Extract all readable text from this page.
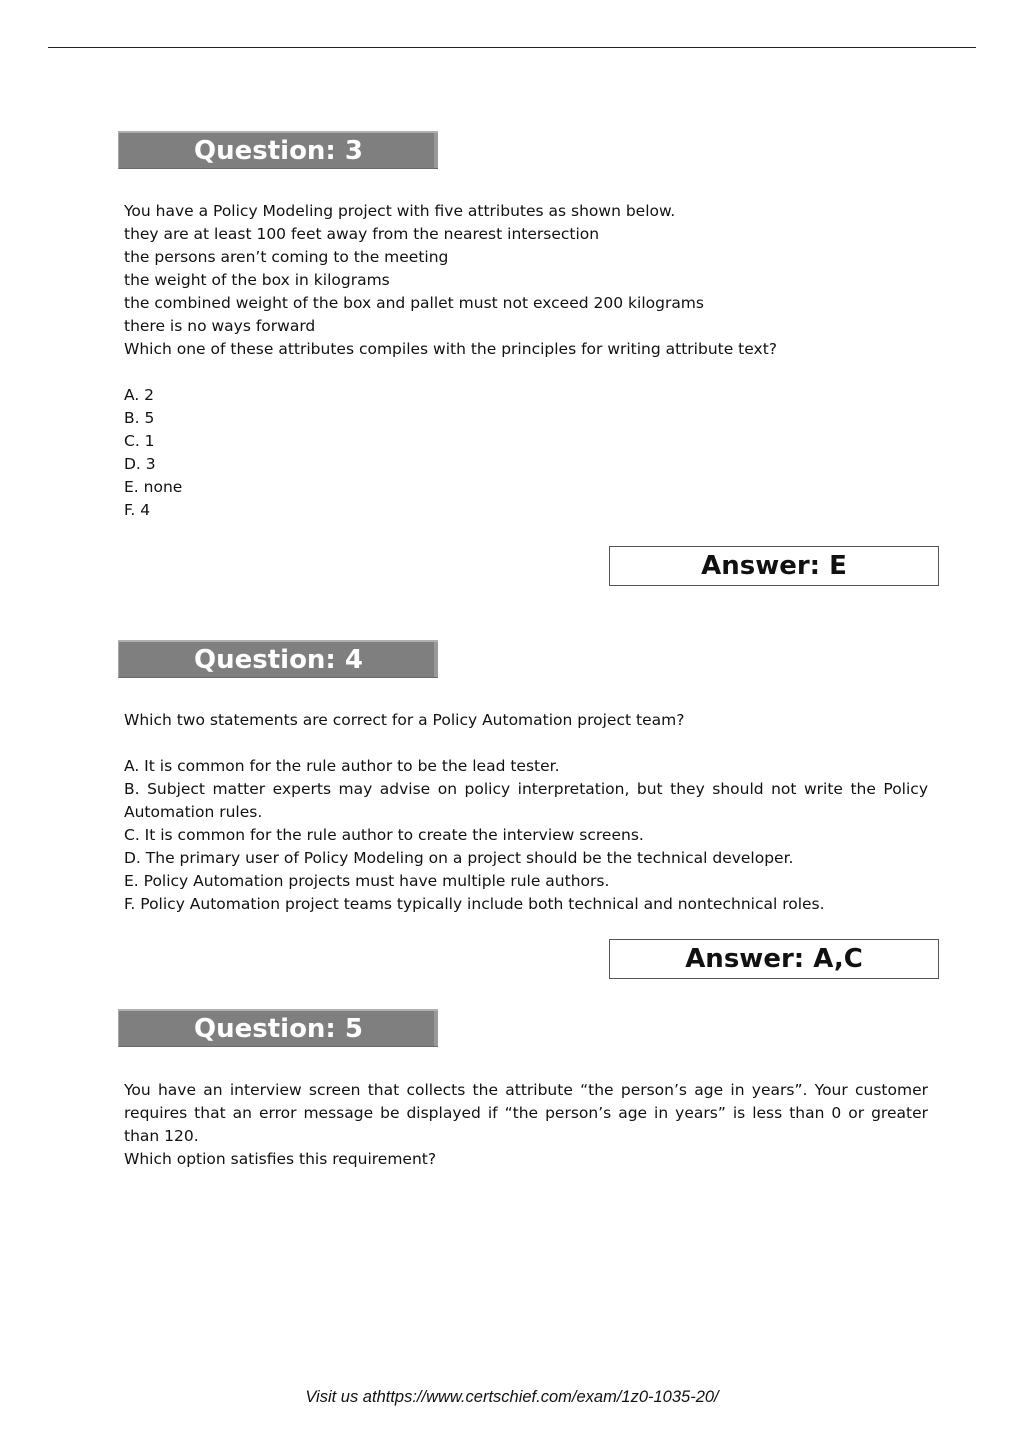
Question: 3

You have a Policy Modeling project with five attributes as shown below.

they are at least 100 feet away from the nearest intersection

the persons aren’t coming to the meeting

the weight of the box in kilograms

the combined weight of the box and pallet must not exceed 200 kilograms

there is no ways forward

Which one of these attributes compiles with the principles for writing attribute text?

A. 2

B. 5

C. 1

D. 3

E. none

F. 4

Answer: E
Question: 4

Which two statements are correct for a Policy Automation project team?

A. It is common for the rule author to be the lead tester.

B. Subject matter experts may advise on policy interpretation, but they should not write the Policy Automation rules.

C. It is common for the rule author to create the interview screens.

D. The primary user of Policy Modeling on a project should be the technical developer.

E. Policy Automation projects must have multiple rule authors.

F. Policy Automation project teams typically include both technical and nontechnical roles.

Answer: A,C
Question: 5

You have an interview screen that collects the attribute “the person’s age in years”. Your customer requires that an error message be displayed if “the person’s age in years” is less than 0 or greater than 120.

Which option satisfies this requirement?

Visit us athttps://www.certschief.com/exam/1z0-1035-20/
